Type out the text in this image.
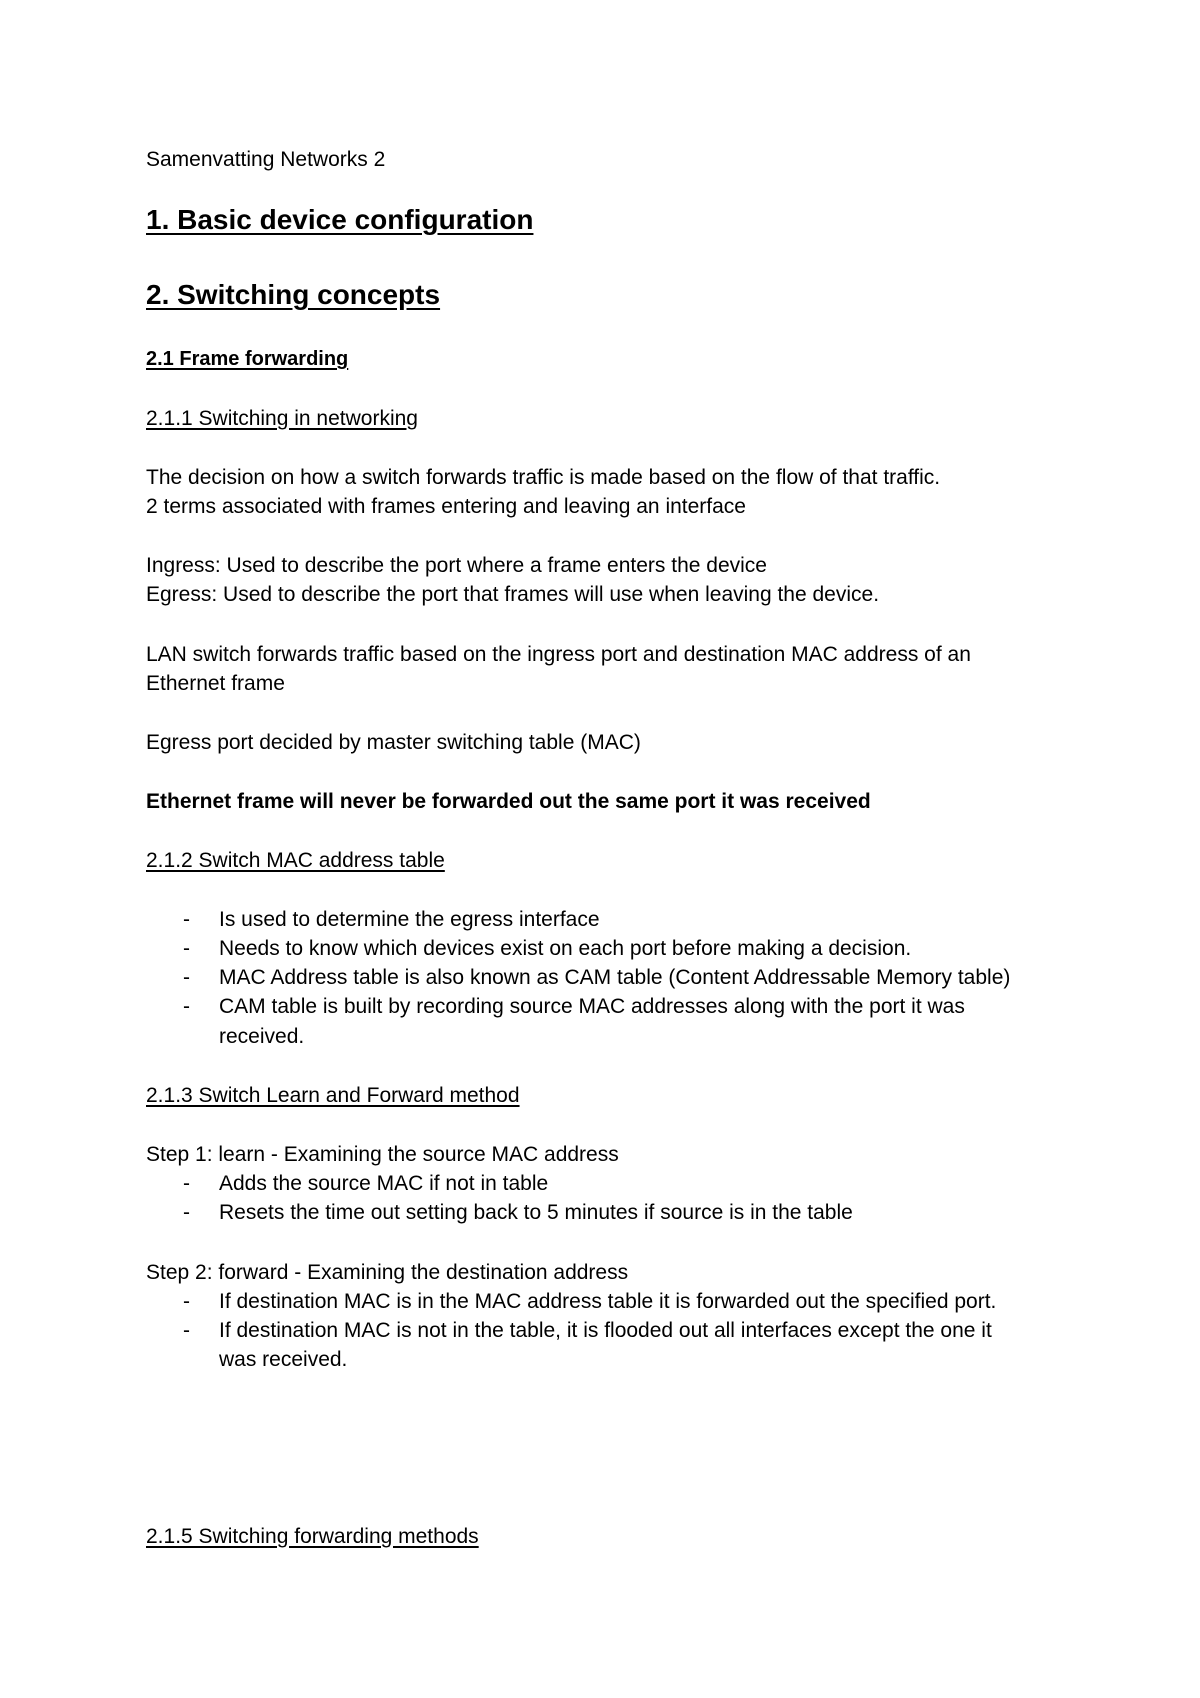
Samenvatting Networks 2

1. Basic device configuration
2. Switching concepts
2.1 Frame forwarding
2.1.1 Switching in networking

The decision on how a switch forwards traffic is made based on the flow of that traffic.

2 terms associated with frames entering and leaving an interface

Ingress: Used to describe the port where a frame enters the device

Egress: Used to describe the port that frames will use when leaving the device.

LAN switch forwards traffic based on the ingress port and destination MAC address of an

Ethernet frame

Egress port decided by master switching table (MAC)

Ethernet frame will never be forwarded out the same port it was received

2.1.2 Switch MAC address table
- Is used to determine the egress interface

- Needs to know which devices exist on each port before making a decision.

- MAC Address table is also known as CAM table (Content Addressable Memory table)

- CAM table is built by recording source MAC addresses along with the port it was

received.

2.1.3 Switch Learn and Forward method

Step 1: learn - Examining the source MAC address

- Adds the source MAC if not in table

- Resets the time out setting back to 5 minutes if source is in the table

Step 2: forward - Examining the destination address

- If destination MAC is in the MAC address table it is forwarded out the specified port.

- If destination MAC is not in the table, it is flooded out all interfaces except the one it

was received.

2.1.5 Switching forwarding methods
